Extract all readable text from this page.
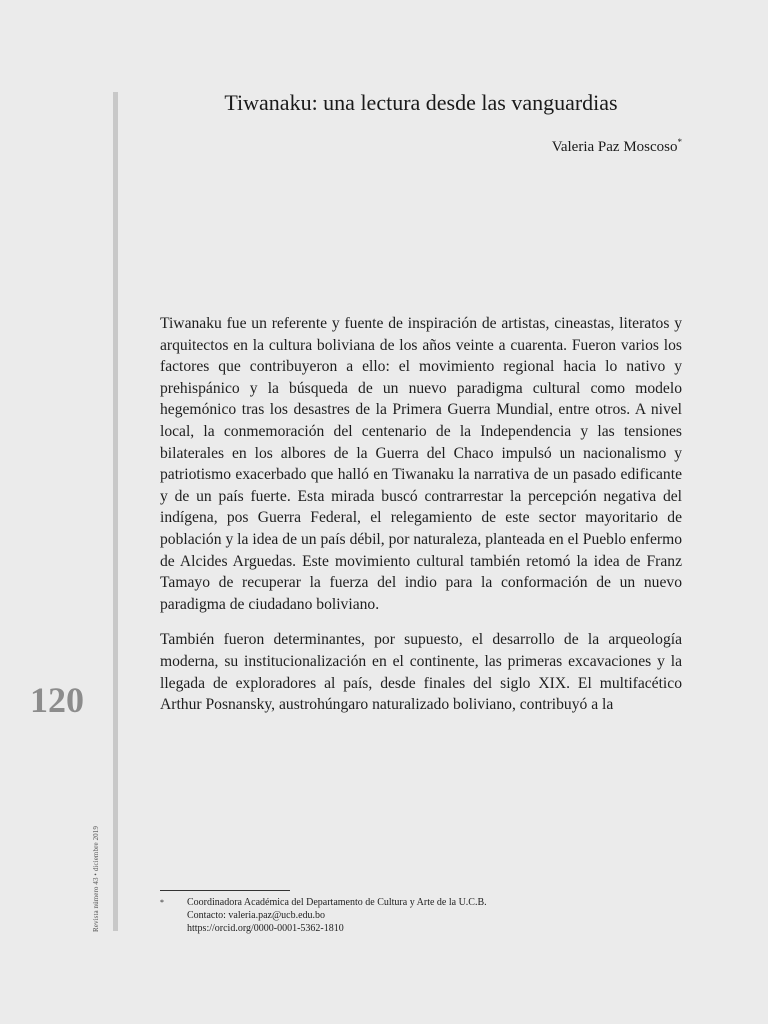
120
Revista número 43 • diciembre 2019
Tiwanaku: una lectura desde las vanguardias
Valeria Paz Moscoso*

Tiwanaku fue un referente y fuente de inspiración de artistas, cineastas, literatos y arquitectos en la cultura boliviana de los años veinte a cuarenta. Fueron varios los factores que contribuyeron a ello: el movimiento regional hacia lo nativo y prehispánico y la búsqueda de un nuevo paradigma cultural como modelo hegemónico tras los desastres de la Primera Guerra Mundial, entre otros. A nivel local, la conmemoración del centenario de la Independencia y las tensiones bilaterales en los albores de la Guerra del Chaco impulsó un nacionalismo y patriotismo exacerbado que halló en Tiwanaku la narrativa de un pasado edificante y de un país fuerte. Esta mirada buscó contrarrestar la percepción negativa del indígena, pos Guerra Federal, el relegamiento de este sector mayoritario de población y la idea de un país débil, por naturaleza, planteada en el Pueblo enfermo de Alcides Arguedas. Este movimiento cultural también retomó la idea de Franz Tamayo de recuperar la fuerza del indio para la conformación de un nuevo paradigma de ciudadano boliviano.

También fueron determinantes, por supuesto, el desarrollo de la arqueología moderna, su institucionalización en el continente, las primeras excavaciones y la llegada de exploradores al país, desde finales del siglo XIX. El multifacético Arthur Posnansky, austrohúngaro naturalizado boliviano, contribuyó a la

* Coordinadora Académica del Departamento de Cultura y Arte de la U.C.B.
Contacto: valeria.paz@ucb.edu.bo
https://orcid.org/0000-0001-5362-1810
